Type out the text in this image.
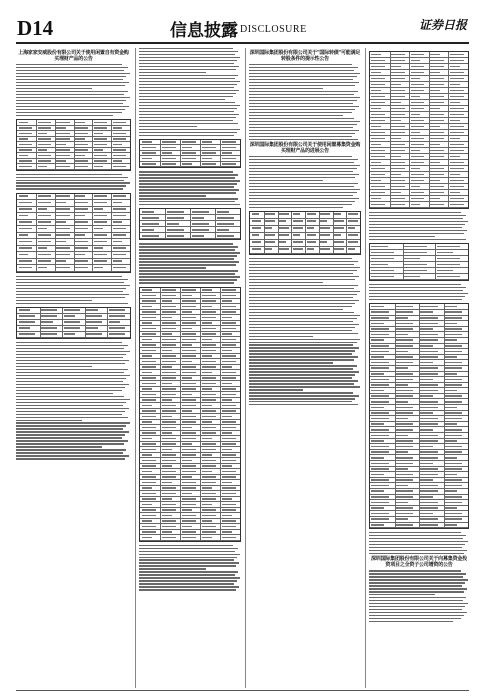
D14	信息披露 DISCLOSURE	证券日报
上海家家安威股份有限公司关于使用闲置自有资金购买理财产品的公告
深圳国际集团股份有限公司关于"国际转债"可能满足转股条件的提示性公告
深圳国际集团股份有限公司关于使用闲置募集资金购买理财产品的进展公告
深圳国际集团股份有限公司关于向募集资金投资项目之全资子公司增资的公告
